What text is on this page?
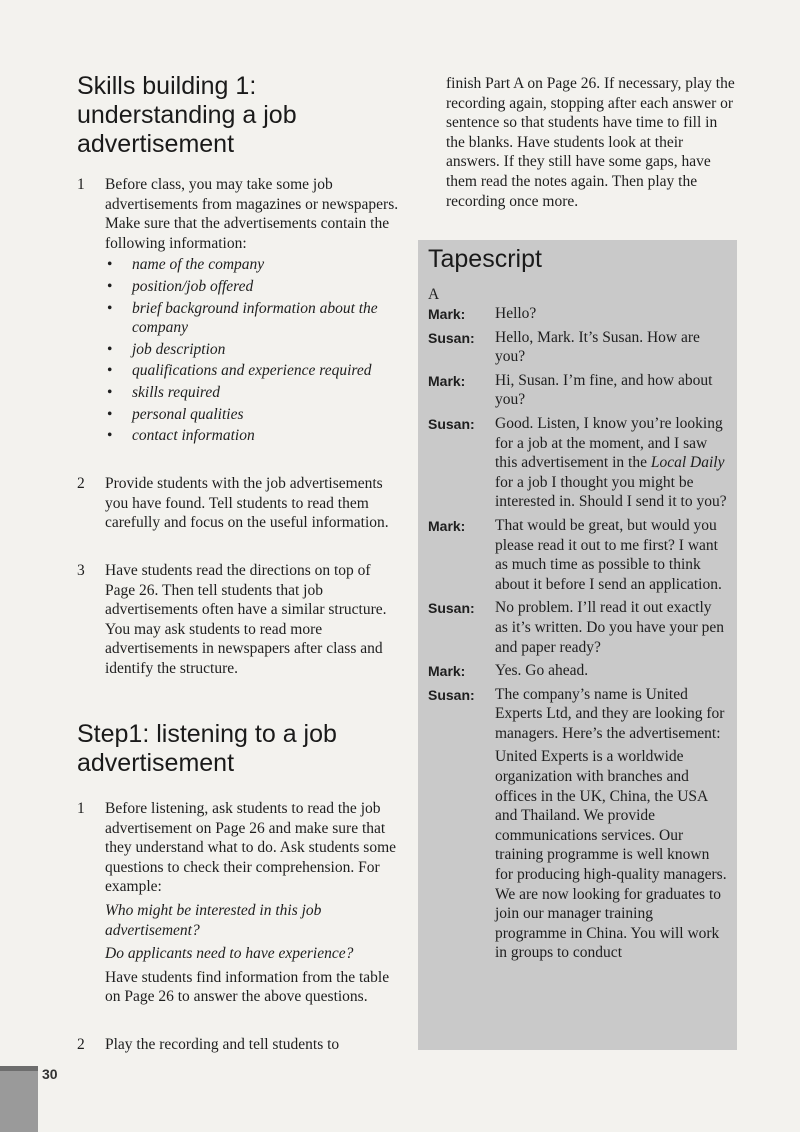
Skills building 1: understanding a job advertisement
1	Before class, you may take some job advertisements from magazines or newspapers. Make sure that the advertisements contain the following information:
• name of the company
• position/job offered
• brief background information about the company
• job description
• qualifications and experience required
• skills required
• personal qualities
• contact information
2	Provide students with the job advertisements you have found. Tell students to read them carefully and focus on the useful information.
3	Have students read the directions on top of Page 26. Then tell students that job advertisements often have a similar structure. You may ask students to read more advertisements in newspapers after class and identify the structure.
Step1: listening to a job advertisement
1	Before listening, ask students to read the job advertisement on Page 26 and make sure that they understand what to do. Ask students some questions to check their comprehension. For example:
Who might be interested in this job advertisement?
Do applicants need to have experience?
Have students find information from the table on Page 26 to answer the above questions.
2	Play the recording and tell students to
finish Part A on Page 26. If necessary, play the recording again, stopping after each answer or sentence so that students have time to fill in the blanks. Have students look at their answers. If they still have some gaps, have them read the notes again. Then play the recording once more.
Tapescript
A
Mark: Hello?
Susan: Hello, Mark. It’s Susan. How are you?
Mark: Hi, Susan. I’m fine, and how about you?
Susan: Good. Listen, I know you’re looking for a job at the moment, and I saw this advertisement in the Local Daily for a job I thought you might be interested in. Should I send it to you?
Mark: That would be great, but would you please read it out to me first? I want as much time as possible to think about it before I send an application.
Susan: No problem. I’ll read it out exactly as it’s written. Do you have your pen and paper ready?
Mark: Yes. Go ahead.
Susan: The company’s name is United Experts Ltd, and they are looking for managers. Here’s the advertisement:

United Experts is a worldwide organization with branches and offices in the UK, China, the USA and Thailand. We provide communications services. Our training programme is well known for producing high-quality managers. We are now looking for graduates to join our manager training programme in China. You will work in groups to conduct

30
